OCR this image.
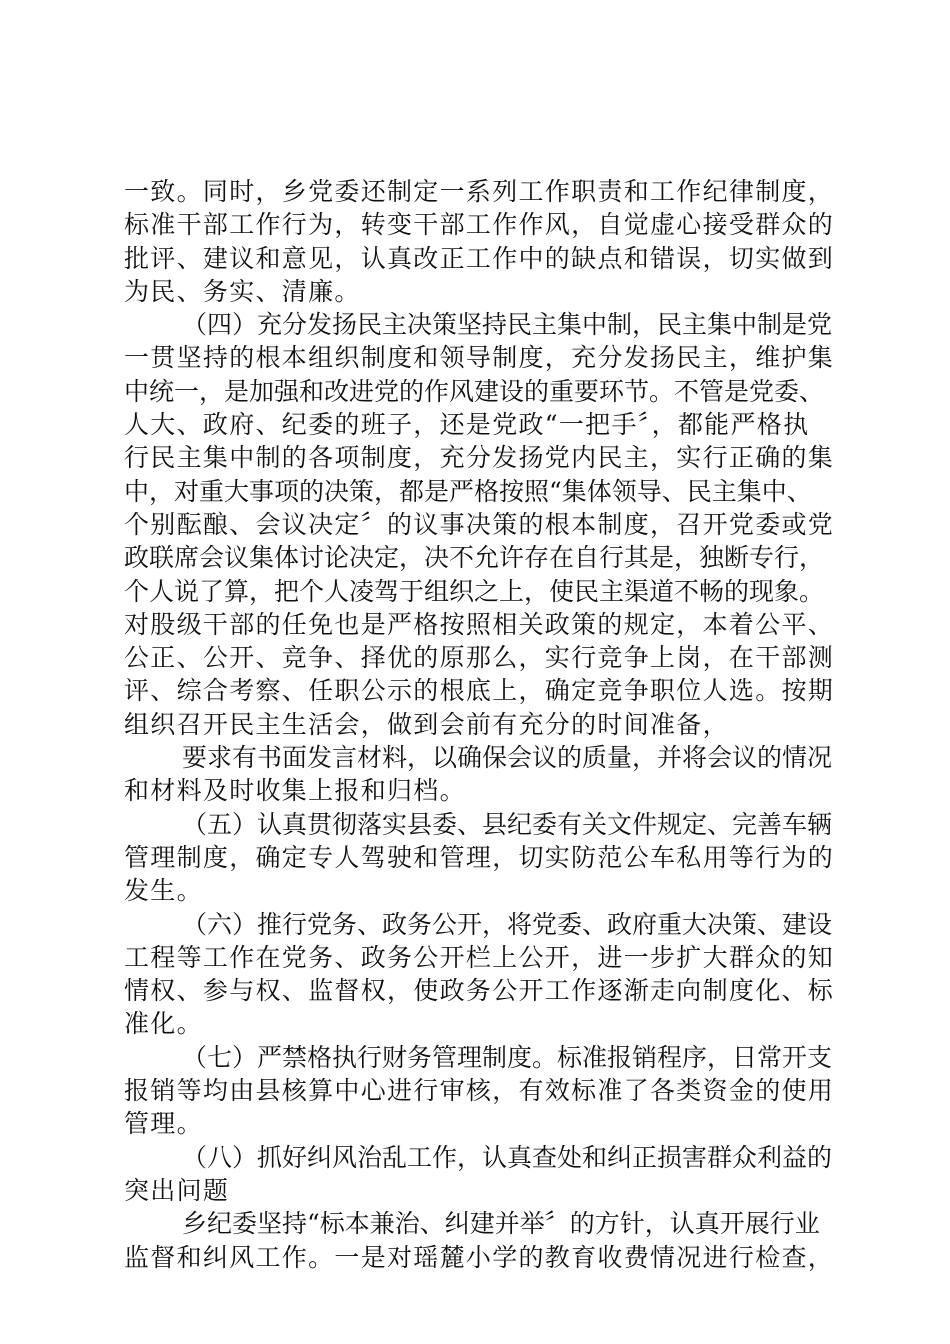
一致。同时，乡党委还制定一系列工作职责和工作纪律制度，
标准干部工作行为，转变干部工作作风，自觉虚心接受群众的
批评、建议和意见，认真改正工作中的缺点和错误，切实做到
为民、务实、清廉。
（四）充分发扬民主决策坚持民主集中制，民主集中制是党
一贯坚持的根本组织制度和领导制度，充分发扬民主，维护集
中统一，是加强和改进党的作风建设的重要环节。不管是党委、
人大、政府、纪委的班子，还是党政“一把手〞，都能严格执
行民主集中制的各项制度，充分发扬党内民主，实行正确的集
中，对重大事项的决策，都是严格按照“集体领导、民主集中、
个别酝酿、会议决定〞的议事决策的根本制度，召开党委或党
政联席会议集体讨论决定，决不允许存在自行其是，独断专行，
个人说了算，把个人凌驾于组织之上，使民主渠道不畅的现象。
对股级干部的任免也是严格按照相关政策的规定，本着公平、
公正、公开、竞争、择优的原那么，实行竞争上岗，在干部测
评、综合考察、任职公示的根底上，确定竞争职位人选。按期
组织召开民主生活会，做到会前有充分的时间准备，
要求有书面发言材料，以确保会议的质量，并将会议的情况
和材料及时收集上报和归档。
（五）认真贯彻落实县委、县纪委有关文件规定、完善车辆
管理制度，确定专人驾驶和管理，切实防范公车私用等行为的
发生。
（六）推行党务、政务公开，将党委、政府重大决策、建设
工程等工作在党务、政务公开栏上公开，进一步扩大群众的知
情权、参与权、监督权，使政务公开工作逐渐走向制度化、标
准化。
（七）严禁格执行财务管理制度。标准报销程序，日常开支
报销等均由县核算中心进行审核，有效标准了各类资金的使用
管理。
（八）抓好纠风治乱工作，认真查处和纠正损害群众利益的
突出问题
乡纪委坚持“标本兼治、纠建并举〞的方针，认真开展行业
监督和纠风工作。一是对瑶麓小学的教育收费情况进行检查，
